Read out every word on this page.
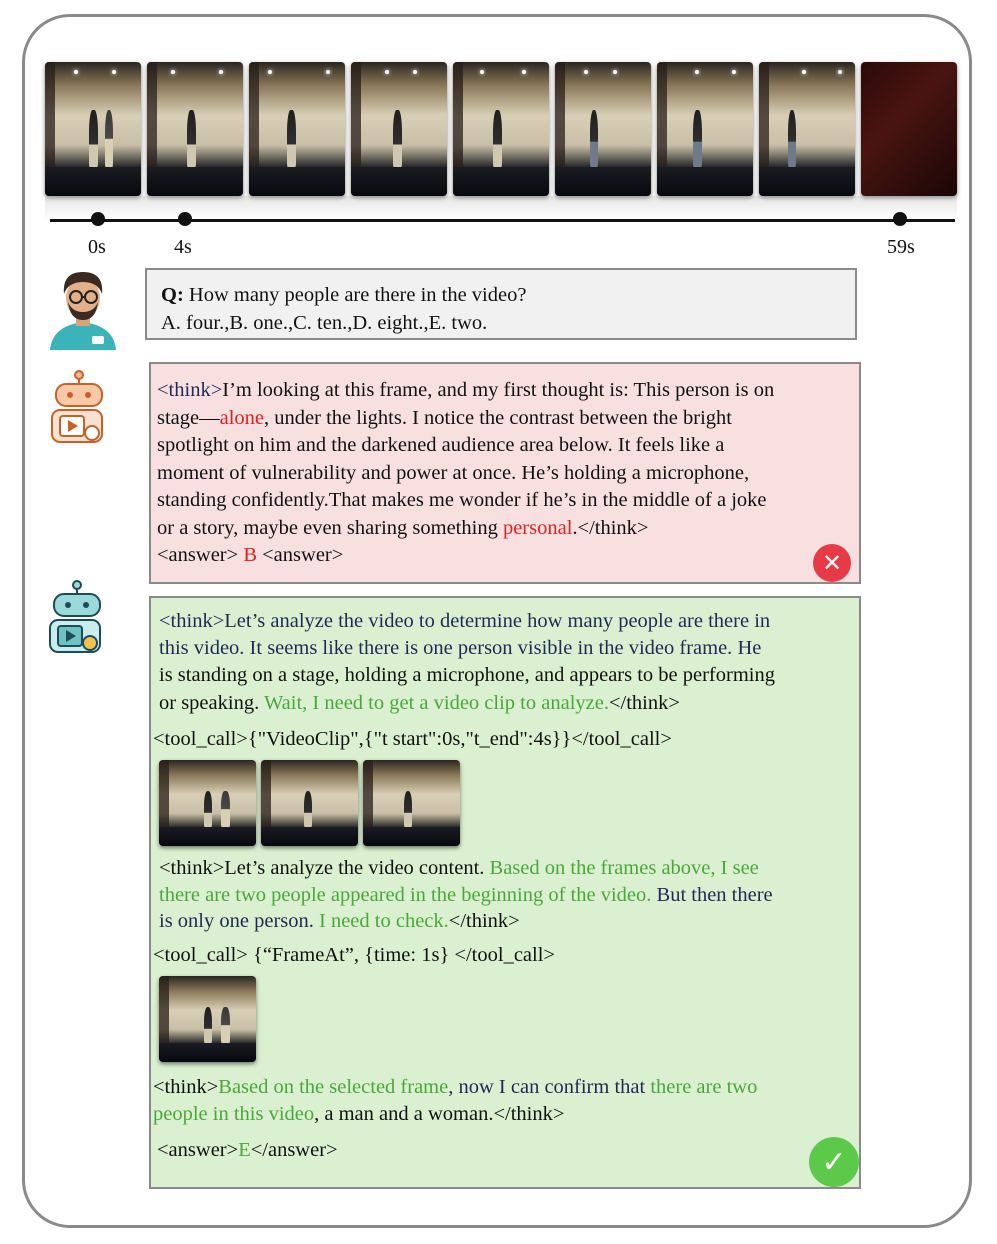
0s	4s	59s
Q: How many people are there in the video?
A. four.,B. one.,C. ten.,D. eight.,E. two.
<think>I’m looking at this frame, and my first thought is: This person is on
stage—alone, under the lights. I notice the contrast between the bright
spotlight on him and the darkened audience area below. It feels like a
moment of vulnerability and power at once. He’s holding a microphone,
standing confidently.That makes me wonder if he’s in the middle of a joke
or a story, maybe even sharing something personal.</think>
<answer> B <answer>	✕
<think>Let’s analyze the video to determine how many people are there in
this video. It seems like there is one person visible in the video frame. He
is standing on a stage, holding a microphone, and appears to be performing
or speaking. Wait, I need to get a video clip to analyze.</think>
<tool_call>{"VideoClip",{"t start":0s,"t_end":4s}}</tool_call>
<think>Let’s analyze the video content. Based on the frames above, I see
there are two people appeared in the beginning of the video. But then there
is only one person. I need to check.</think>
<tool_call> {“FrameAt”, {time: 1s} </tool_call>
<think>Based on the selected frame, now I can confirm that there are two
people in this video, a man and a woman.</think>
<answer>E</answer>	✓
